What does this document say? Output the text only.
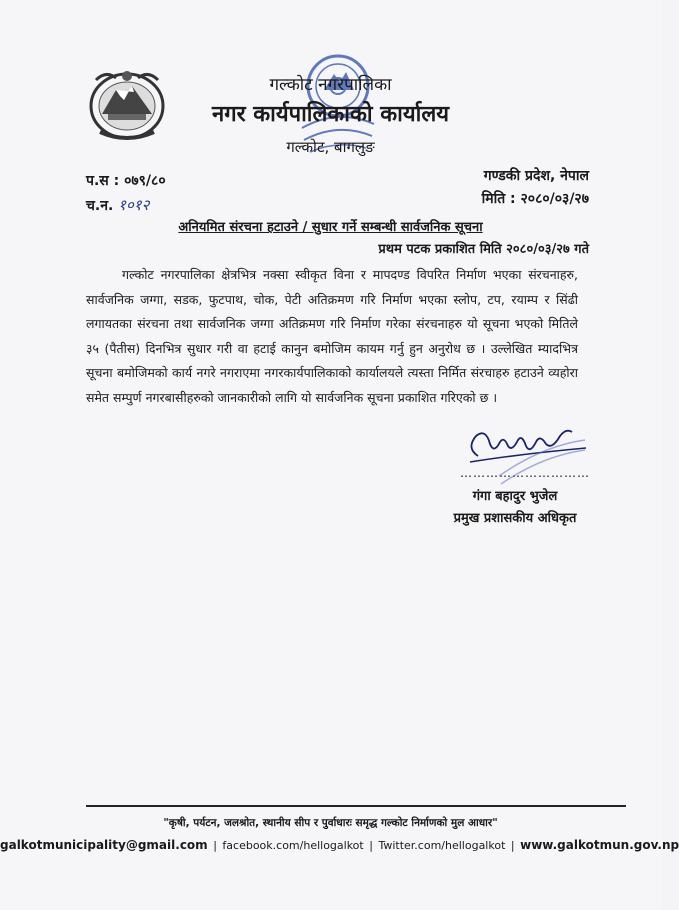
गल्कोट नगरपालिका
नगर कार्यपालिकाको कार्यालय
गल्कोट, बागलुङ
प.स : ०७९/८०
च.न. १०१२
गण्डकी प्रदेश, नेपाल
मिति : २०८०/०३/२७
अनियमित संरचना हटाउने / सुधार गर्ने सम्बन्धी सार्वजनिक सूचना
प्रथम पटक प्रकाशित मिति २०८०/०३/२७ गते
गल्कोट नगरपालिका क्षेत्रभित्र नक्सा स्वीकृत विना र मापदण्ड विपरित निर्माण भएका संरचनाहरु, सार्वजनिक जग्गा, सडक, फुटपाथ, चोक, पेटी अतिक्रमण गरि निर्माण भएका स्लोप, टप, रयाम्प र सिंढी लगायतका संरचना तथा सार्वजनिक जग्गा अतिक्रमण गरि निर्माण गरेका संरचनाहरु यो सूचना भएको मितिले ३५ (पैतीस) दिनभित्र सुधार गरी वा हटाई कानुन बमोजिम कायम गर्नु हुन अनुरोध छ । उल्लेखित म्यादभित्र सूचना बमोजिमको कार्य नगरे नगराएमा नगरकार्यपालिकाको कार्यालयले त्यस्ता निर्मित संरचाहरु हटाउने व्यहोरा समेत सम्पुर्ण नगरबासीहरुको जानकारीको लागि यो सार्वजनिक सूचना प्रकाशित गरिएको छ ।
…………………………
गंगा बहादुर भुजेल
प्रमुख प्रशासकीय अधिकृत
"कृषी, पर्यटन, जलश्रोत, स्थानीय सीप र पुर्वाधारः समृद्ध गल्कोट निर्माणको मुल आधार"
galkotmunicipality@gmail.com | facebook.com/hellogalkot | Twitter.com/hellogalkot | www.galkotmun.gov.np
